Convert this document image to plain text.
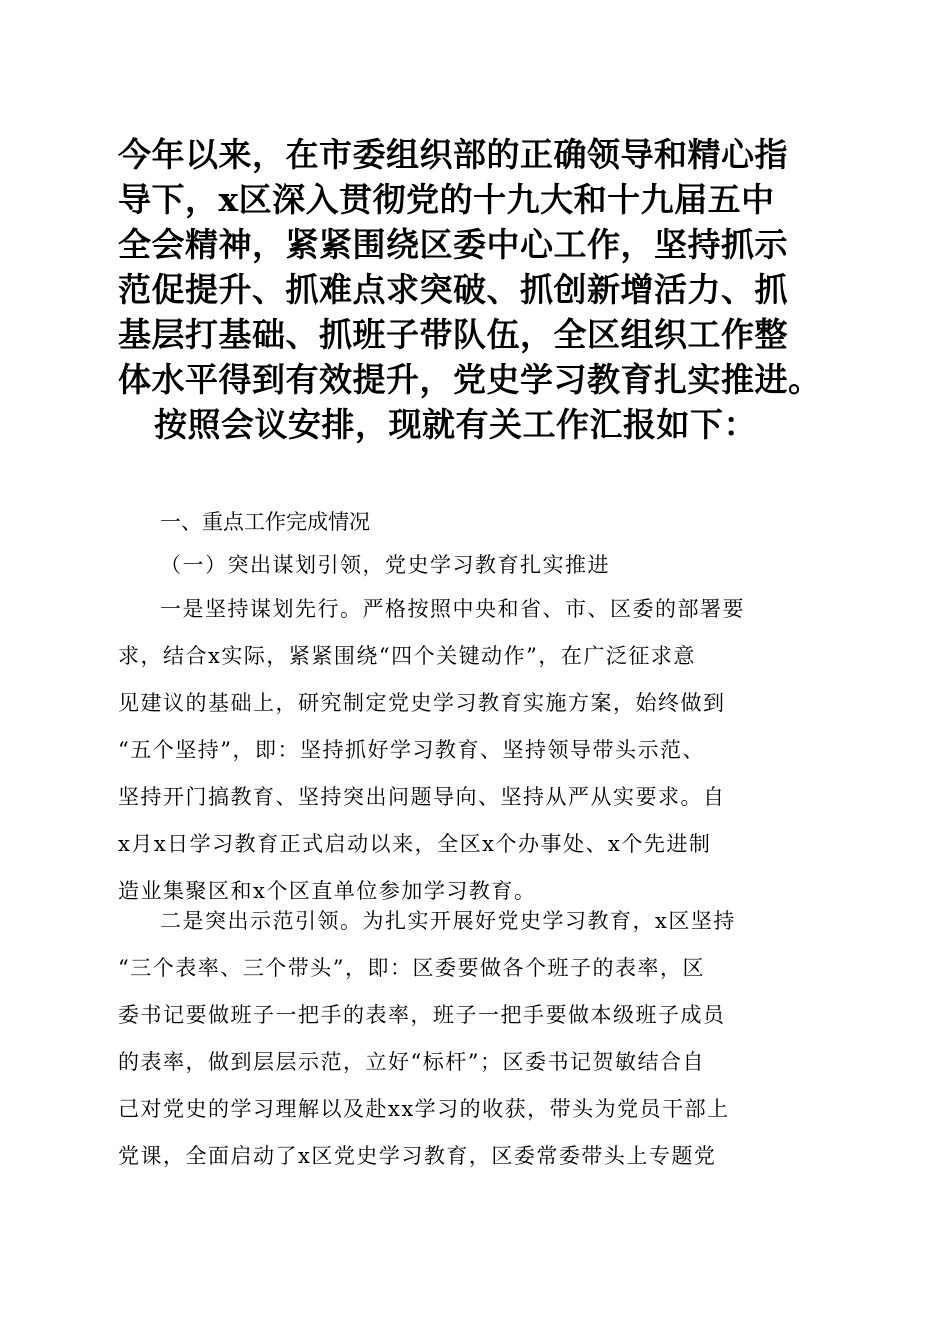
今年以来，在市委组织部的正确领导和精心指
导下，x区深入贯彻党的十九大和十九届五中
全会精神，紧紧围绕区委中心工作，坚持抓示
范促提升、抓难点求突破、抓创新增活力、抓
基层打基础、抓班子带队伍，全区组织工作整
体水平得到有效提升，党史学习教育扎实推进。
按照会议安排，现就有关工作汇报如下：
一、重点工作完成情况
（一）突出谋划引领，党史学习教育扎实推进
一是坚持谋划先行。严格按照中央和省、市、区委的部署要
求，结合x实际，紧紧围绕“四个关键动作”，在广泛征求意
见建议的基础上，研究制定党史学习教育实施方案，始终做到
“五个坚持”，即：坚持抓好学习教育、坚持领导带头示范、
坚持开门搞教育、坚持突出问题导向、坚持从严从实要求。自
x月x日学习教育正式启动以来，全区x个办事处、x个先进制
造业集聚区和x个区直单位参加学习教育。
二是突出示范引领。为扎实开展好党史学习教育，x区坚持
“三个表率、三个带头”，即：区委要做各个班子的表率，区
委书记要做班子一把手的表率，班子一把手要做本级班子成员
的表率，做到层层示范，立好“标杆”；区委书记贺敏结合自
己对党史的学习理解以及赴xx学习的收获，带头为党员干部上
党课，全面启动了x区党史学习教育，区委常委带头上专题党
